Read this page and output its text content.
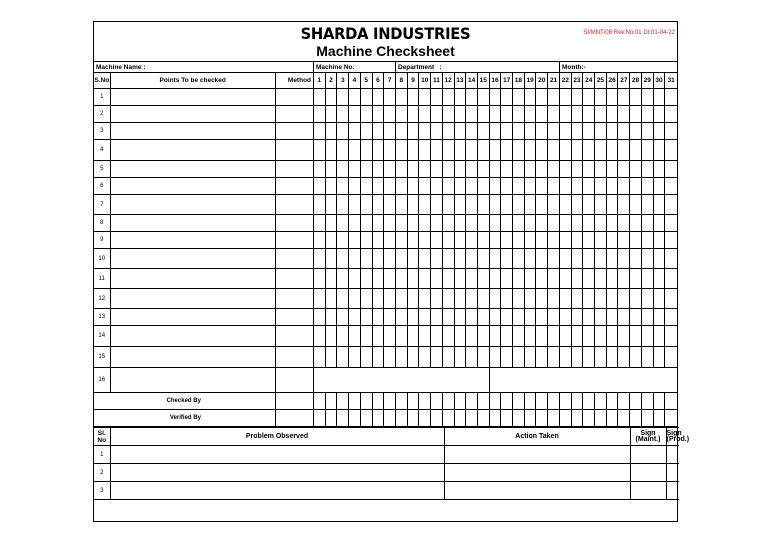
SHARDA INDUSTRIES	SI/MNT/08 Rev.No:01 Dt:01-04-22
Machine Checksheet
Machine Name :			Machine No.							Department :														Month:-									
S.No	Points To be checked	Method	1	2	3	4	5	6	7	8	9	10	11	12	13	14	15	16	17	18	19	20	21	22	23	24	25	26	27	28	29	30	31
1																																	
2																																	
3																																	
4																																	
5																																	
6																																	
7																																	
8																																	
9																																	
10																																	
11																																	
12																																	
13																																	
14																																	
15																																	
16																																	
Checked By																																	
Verified By																																	
Sl. No	Problem Observed	Action Taken	Sign (Maint.)	Sign (Prod.)
1				
2				
3				
